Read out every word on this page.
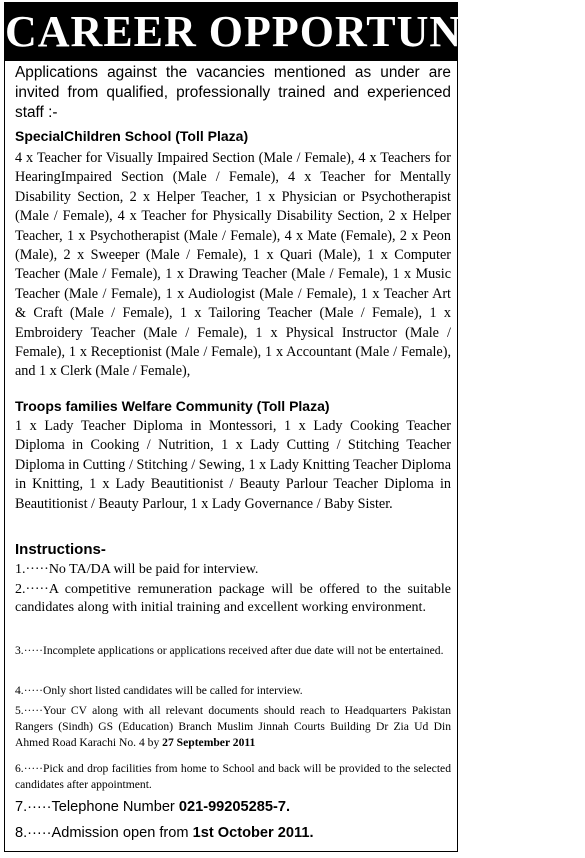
CAREER OPPORTUNITIES

Applications against the vacancies mentioned as under are invited from qualified, professionally trained and experienced staff :-

SpecialChildren School (Toll Plaza)

4 x Teacher for Visually Impaired Section (Male / Female), 4 x Teachers for HearingImpaired Section (Male / Female), 4 x Teacher for Mentally Disability Section, 2 x Helper Teacher, 1 x Physician or Psychotherapist (Male / Female), 4 x Teacher for Physically Disability Section, 2 x Helper Teacher, 1 x Psychotherapist (Male / Female), 4 x Mate (Female), 2 x Peon (Male), 2 x Sweeper (Male / Female), 1 x Quari (Male), 1 x Computer Teacher (Male / Female), 1 x Drawing Teacher (Male / Female), 1 x Music Teacher (Male / Female), 1 x Audiologist (Male / Female), 1 x Teacher Art & Craft (Male / Female), 1 x Tailoring Teacher (Male / Female), 1 x Embroidery Teacher (Male / Female), 1 x Physical Instructor (Male / Female), 1 x Receptionist (Male / Female), 1 x Accountant (Male / Female), and 1 x Clerk (Male / Female),

Troops families Welfare Community (Toll Plaza)

1 x Lady Teacher Diploma in Montessori, 1 x Lady Cooking Teacher Diploma in Cooking / Nutrition, 1 x Lady Cutting / Stitching Teacher Diploma in Cutting / Stitching / Sewing, 1 x Lady Knitting Teacher Diploma in Knitting, 1 x Lady Beautitionist / Beauty Parlour Teacher Diploma in Beautitionist / Beauty Parlour, 1 x Lady Governance / Baby Sister.

Instructions-

1.·····No TA/DA will be paid for interview.

2.·····A competitive remuneration package will be offered to the suitable candidates along with initial training and excellent working environment.

3.·····Incomplete applications or applications received after due date will not be entertained.

4.·····Only short listed candidates will be called for interview.

5.·····Your CV along with all relevant documents should reach to Headquarters Pakistan Rangers (Sindh) GS (Education) Branch Muslim Jinnah Courts Building Dr Zia Ud Din Ahmed Road Karachi No. 4 by 27 September 2011

6.·····Pick and drop facilities from home to School and back will be provided to the selected candidates after appointment.

7.·····Telephone Number 021-99205285-7.

8.·····Admission open from 1st October 2011.
